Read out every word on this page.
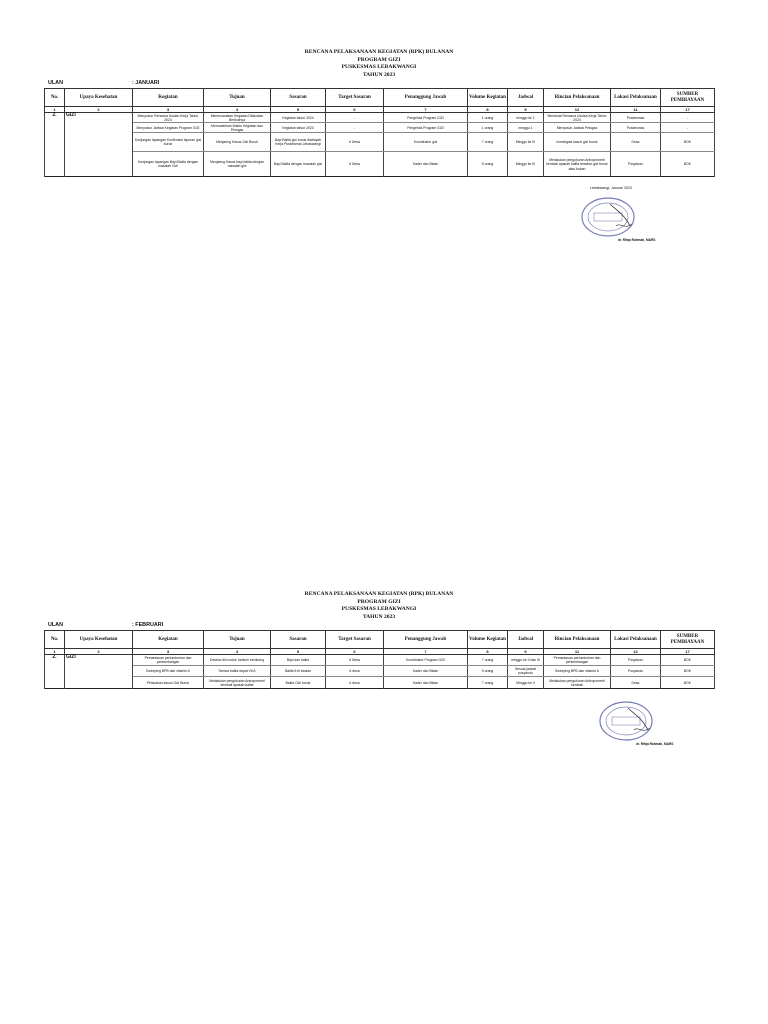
RENCANA PELAKSANAAN KEGIATAN (RPK) BULANAN
PROGRAM GIZI
PUSKESMAS LEBAKWANGI
TAHUN 2023
ULAN	: JANUARI
No.	Upaya Kesehatan	Kegiatan	Tujuan	Sasaran	Target Sasaran	Penanggung Jawab	Volume Kegiatan	Jadwal	Rincian Pelaksanaan	Lokasi Pelaksanaan	SUMBER PEMBIAYAAN
1	2	3	4	5	6	7	8	9	12	11	17
2.	GIZI	Menyusun Rencana Usulan Kerja Tahun 2024	Merencanakan Kegiatan Dilakukan Berikutnya	Kegiatan tahun 2024	-	Pengelola Program GIZI	1 orang	minggu ke 1	Membuat Rencana Usulan Kerja Tahun 2024	Puskesmas	-
		Menyusun Jadwal Kegiatan Program GIZI	Memudahkan Waktu Kegiatan dan Petugas	Kegiatan tahun 2023	-	Pengelola Program GIZI	1 orang	minggu 1	Menyusun Jadwal Petugas	Puskesmas	-
		Kunjungan lapangan Konfirmasi laporan gizi buruk	Menjaring Kasus Gizi Buruk	Bayi Balita gizi buruk diwilayah Kerja Puskesmas Lebakwangi	6 Desa	Koordinator gizi	7 orang	Minggu ke III	investigasi kasus gizi buruk	Desa	BOK
		Kunjungan lapangan Bayi Balita dengan masalah Gizi	Menjaring Kasus bayi balita dengan masalah gizi	Bayi Balita dengan masalah gizi	6 Desa	Kader dan Bidan	5 orang	Minggu ke III	Melakukan pengukuran Antropometri kembali apakah balita tersebut gizi buruk atau bukan	Posyandu	BOK
Lebakwangi, Januari 2023
dr. Rifqa Rahmah, MARS
RENCANA PELAKSANAAN KEGIATAN (RPK) BULANAN
PROGRAM GIZI
PUSKESMAS LEBAKWANGI
TAHUN 2023
ULAN	: FEBRUARI
No.	Upaya Kesehatan	Kegiatan	Tujuan	Sasaran	Target Sasaran	Penanggung Jawab	Volume Kegiatan	Jadwal	Rincian Pelaksanaan	Lokasi Pelaksanaan	SUMBER PEMBIAYAAN
1	2	3	4	5	6	7	8	9	11	12	17
2.	GIZI	Pemantauan pertumbuhan dan perkembangan	Deteksi dini untuk tumbuh kembang	Bayi dan balita	6 Desa	Koordinator Program GIZI	7 orang	minggu ke II dan III	Pemantauan pertumbuhan dan perkembangan	Posyandu	BOK
		Sweeping BPB dan vitamin A	Semua balita dapat Vit A	Balita 6 bl keatas	6 desa	Kader dan Bidan	5 orang	Sesuai jadwal posyandu	Sweeping BPB dan vitamin A	Posyandu	BOK
		Pelacakan kasus Gizi Buruk	Melakukan pengukuran Antropometri kembali apakah balita	Balita Gizi buruk	6 desa	Kader dan Bidan	7 orang	Minggu ke II	Melakukan pengukuran Antropometri kembali	Desa	BOK
dr. Rifqa Rahmah, MARS
